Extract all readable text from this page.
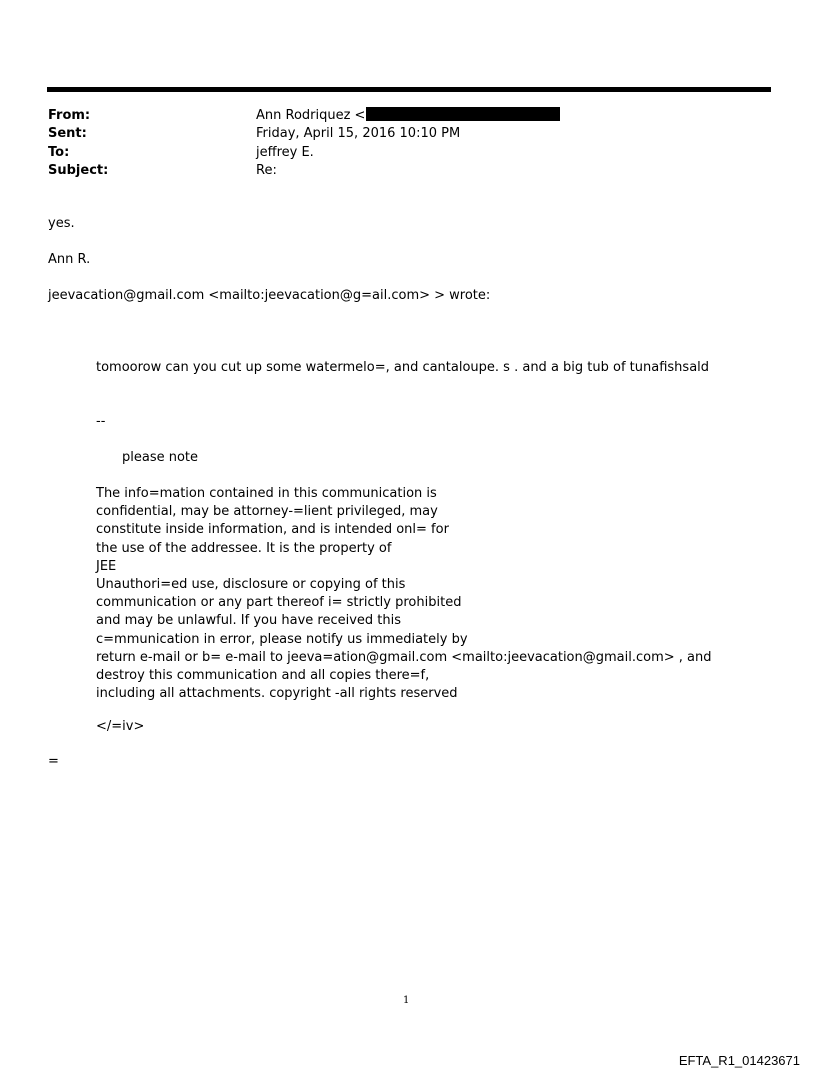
From:	Ann Rodriquez <
Sent:	Friday, April 15, 2016 10:10 PM
To:	jeffrey E.
Subject:	Re:
yes.
Ann R.
jeevacation@gmail.com <mailto:jeevacation@g=ail.com> > wrote:
tomoorow can you cut up some watermelo=, and cantaloupe. s . and a big tub of tunafishsald
--
please note
The info=mation contained in this communication is
confidential, may be attorney-=lient privileged, may
constitute inside information, and is intended onl= for
the use of the addressee. It is the property of
JEE
Unauthori=ed use, disclosure or copying of this
communication or any part thereof i= strictly prohibited
and may be unlawful. If you have received this
c=mmunication in error, please notify us immediately by
return e-mail or b= e-mail to jeeva=ation@gmail.com <mailto:jeevacation@gmail.com> , and
destroy this communication and all copies there=f,
including all attachments. copyright -all rights reserved
</=iv>
=
1
EFTA_R1_01423671
